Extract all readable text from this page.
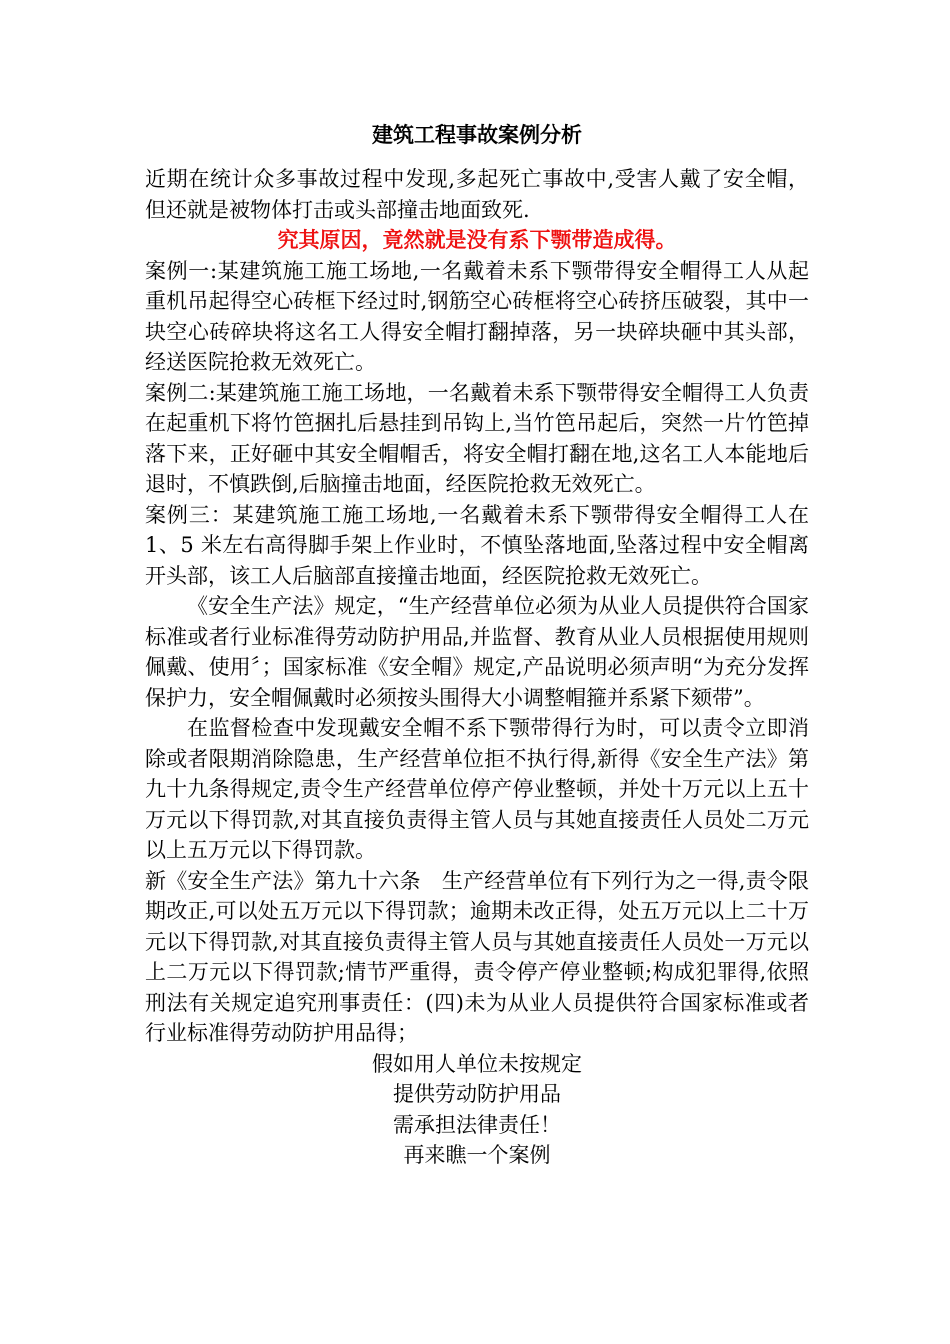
建筑工程事故案例分析

近期在统计众多事故过程中发现,多起死亡事故中,受害人戴了安全帽，但还就是被物体打击或头部撞击地面致死.

究其原因，竟然就是没有系下颚带造成得。

案例一:某建筑施工施工场地,一名戴着未系下颚带得安全帽得工人从起重机吊起得空心砖框下经过时,钢筋空心砖框将空心砖挤压破裂，其中一块空心砖碎块将这名工人得安全帽打翻掉落，另一块碎块砸中其头部，经送医院抢救无效死亡。

案例二:某建筑施工施工场地，一名戴着未系下颚带得安全帽得工人负责在起重机下将竹笆捆扎后悬挂到吊钩上,当竹笆吊起后，突然一片竹笆掉落下来，正好砸中其安全帽帽舌，将安全帽打翻在地,这名工人本能地后退时，不慎跌倒,后脑撞击地面，经医院抢救无效死亡。

案例三：某建筑施工施工场地,一名戴着未系下颚带得安全帽得工人在 1、5 米左右高得脚手架上作业时，不慎坠落地面,坠落过程中安全帽离开头部，该工人后脑部直接撞击地面，经医院抢救无效死亡。

《安全生产法》规定，“生产经营单位必须为从业人员提供符合国家标准或者行业标准得劳动防护用品,并监督、教育从业人员根据使用规则佩戴、使用〞；国家标准《安全帽》规定,产品说明必须声明“为充分发挥保护力，安全帽佩戴时必须按头围得大小调整帽箍并系紧下颏带”。

在监督检查中发现戴安全帽不系下颚带得行为时，可以责令立即消除或者限期消除隐患，生产经营单位拒不执行得,新得《安全生产法》第九十九条得规定,责令生产经营单位停产停业整顿，并处十万元以上五十万元以下得罚款,对其直接负责得主管人员与其她直接责任人员处二万元以上五万元以下得罚款。

新《安全生产法》第九十六条　生产经营单位有下列行为之一得,责令限期改正,可以处五万元以下得罚款；逾期未改正得，处五万元以上二十万元以下得罚款,对其直接负责得主管人员与其她直接责任人员处一万元以上二万元以下得罚款;情节严重得，责令停产停业整顿;构成犯罪得,依照刑法有关规定追究刑事责任：(四)未为从业人员提供符合国家标准或者行业标准得劳动防护用品得；

假如用人单位未按规定

提供劳动防护用品

需承担法律责任！

再来瞧一个案例
